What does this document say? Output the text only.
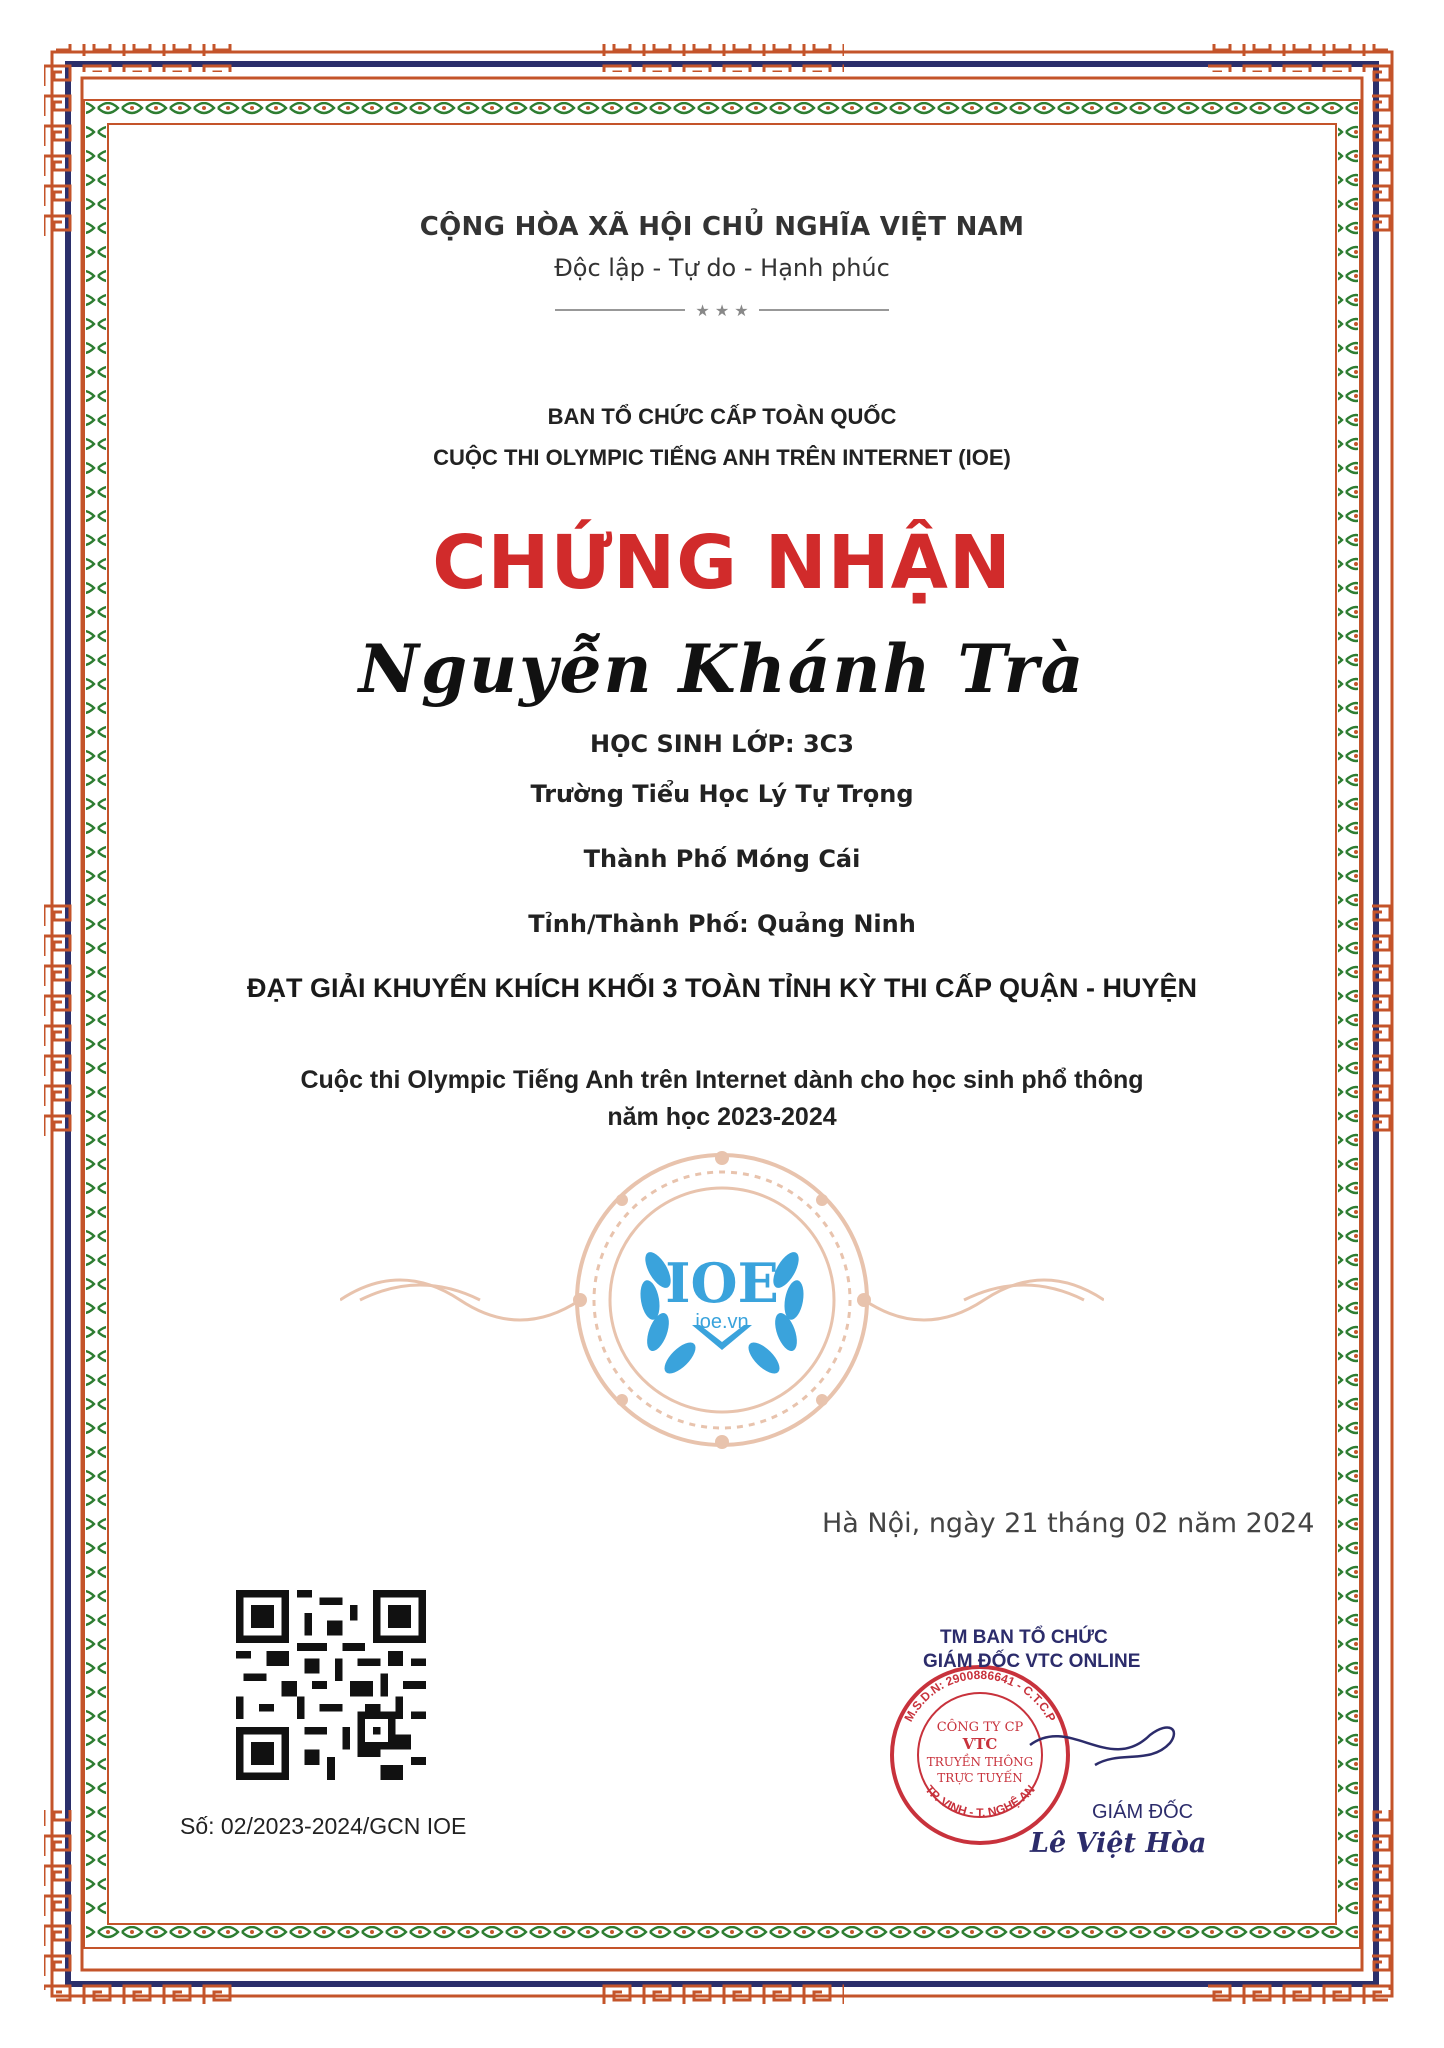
CỘNG HÒA XÃ HỘI CHỦ NGHĨA VIỆT NAM
Độc lập - Tự do - Hạnh phúc
★ ★ ★
BAN TỔ CHỨC CẤP TOÀN QUỐC
CUỘC THI OLYMPIC TIẾNG ANH TRÊN INTERNET (IOE)
CHỨNG NHẬN
Nguyễn Khánh Trà
HỌC SINH LỚP: 3C3
Trường Tiểu Học Lý Tự Trọng
Thành Phố Móng Cái
Tỉnh/Thành Phố: Quảng Ninh
ĐẠT GIẢI KHUYẾN KHÍCH KHỐI 3 TOÀN TỈNH KỲ THI CẤP QUẬN - HUYỆN
Cuộc thi Olympic Tiếng Anh trên Internet dành cho học sinh phổ thông
năm học 2023-2024
IOE
ioe.vn
Hà Nội, ngày 21 tháng 02 năm 2024
Số: 02/2023-2024/GCN IOE
M.S.D.N: 2900886641 - C.T.C.P
TP. VINH - T. NGHỆ AN
CÔNG TY CP
VTC
TRUYỀN THÔNG
TRỰC TUYẾN
TM BAN TỔ CHỨC
GIÁM ĐỐC VTC ONLINE
GIÁM ĐỐC
Lê Việt Hòa
